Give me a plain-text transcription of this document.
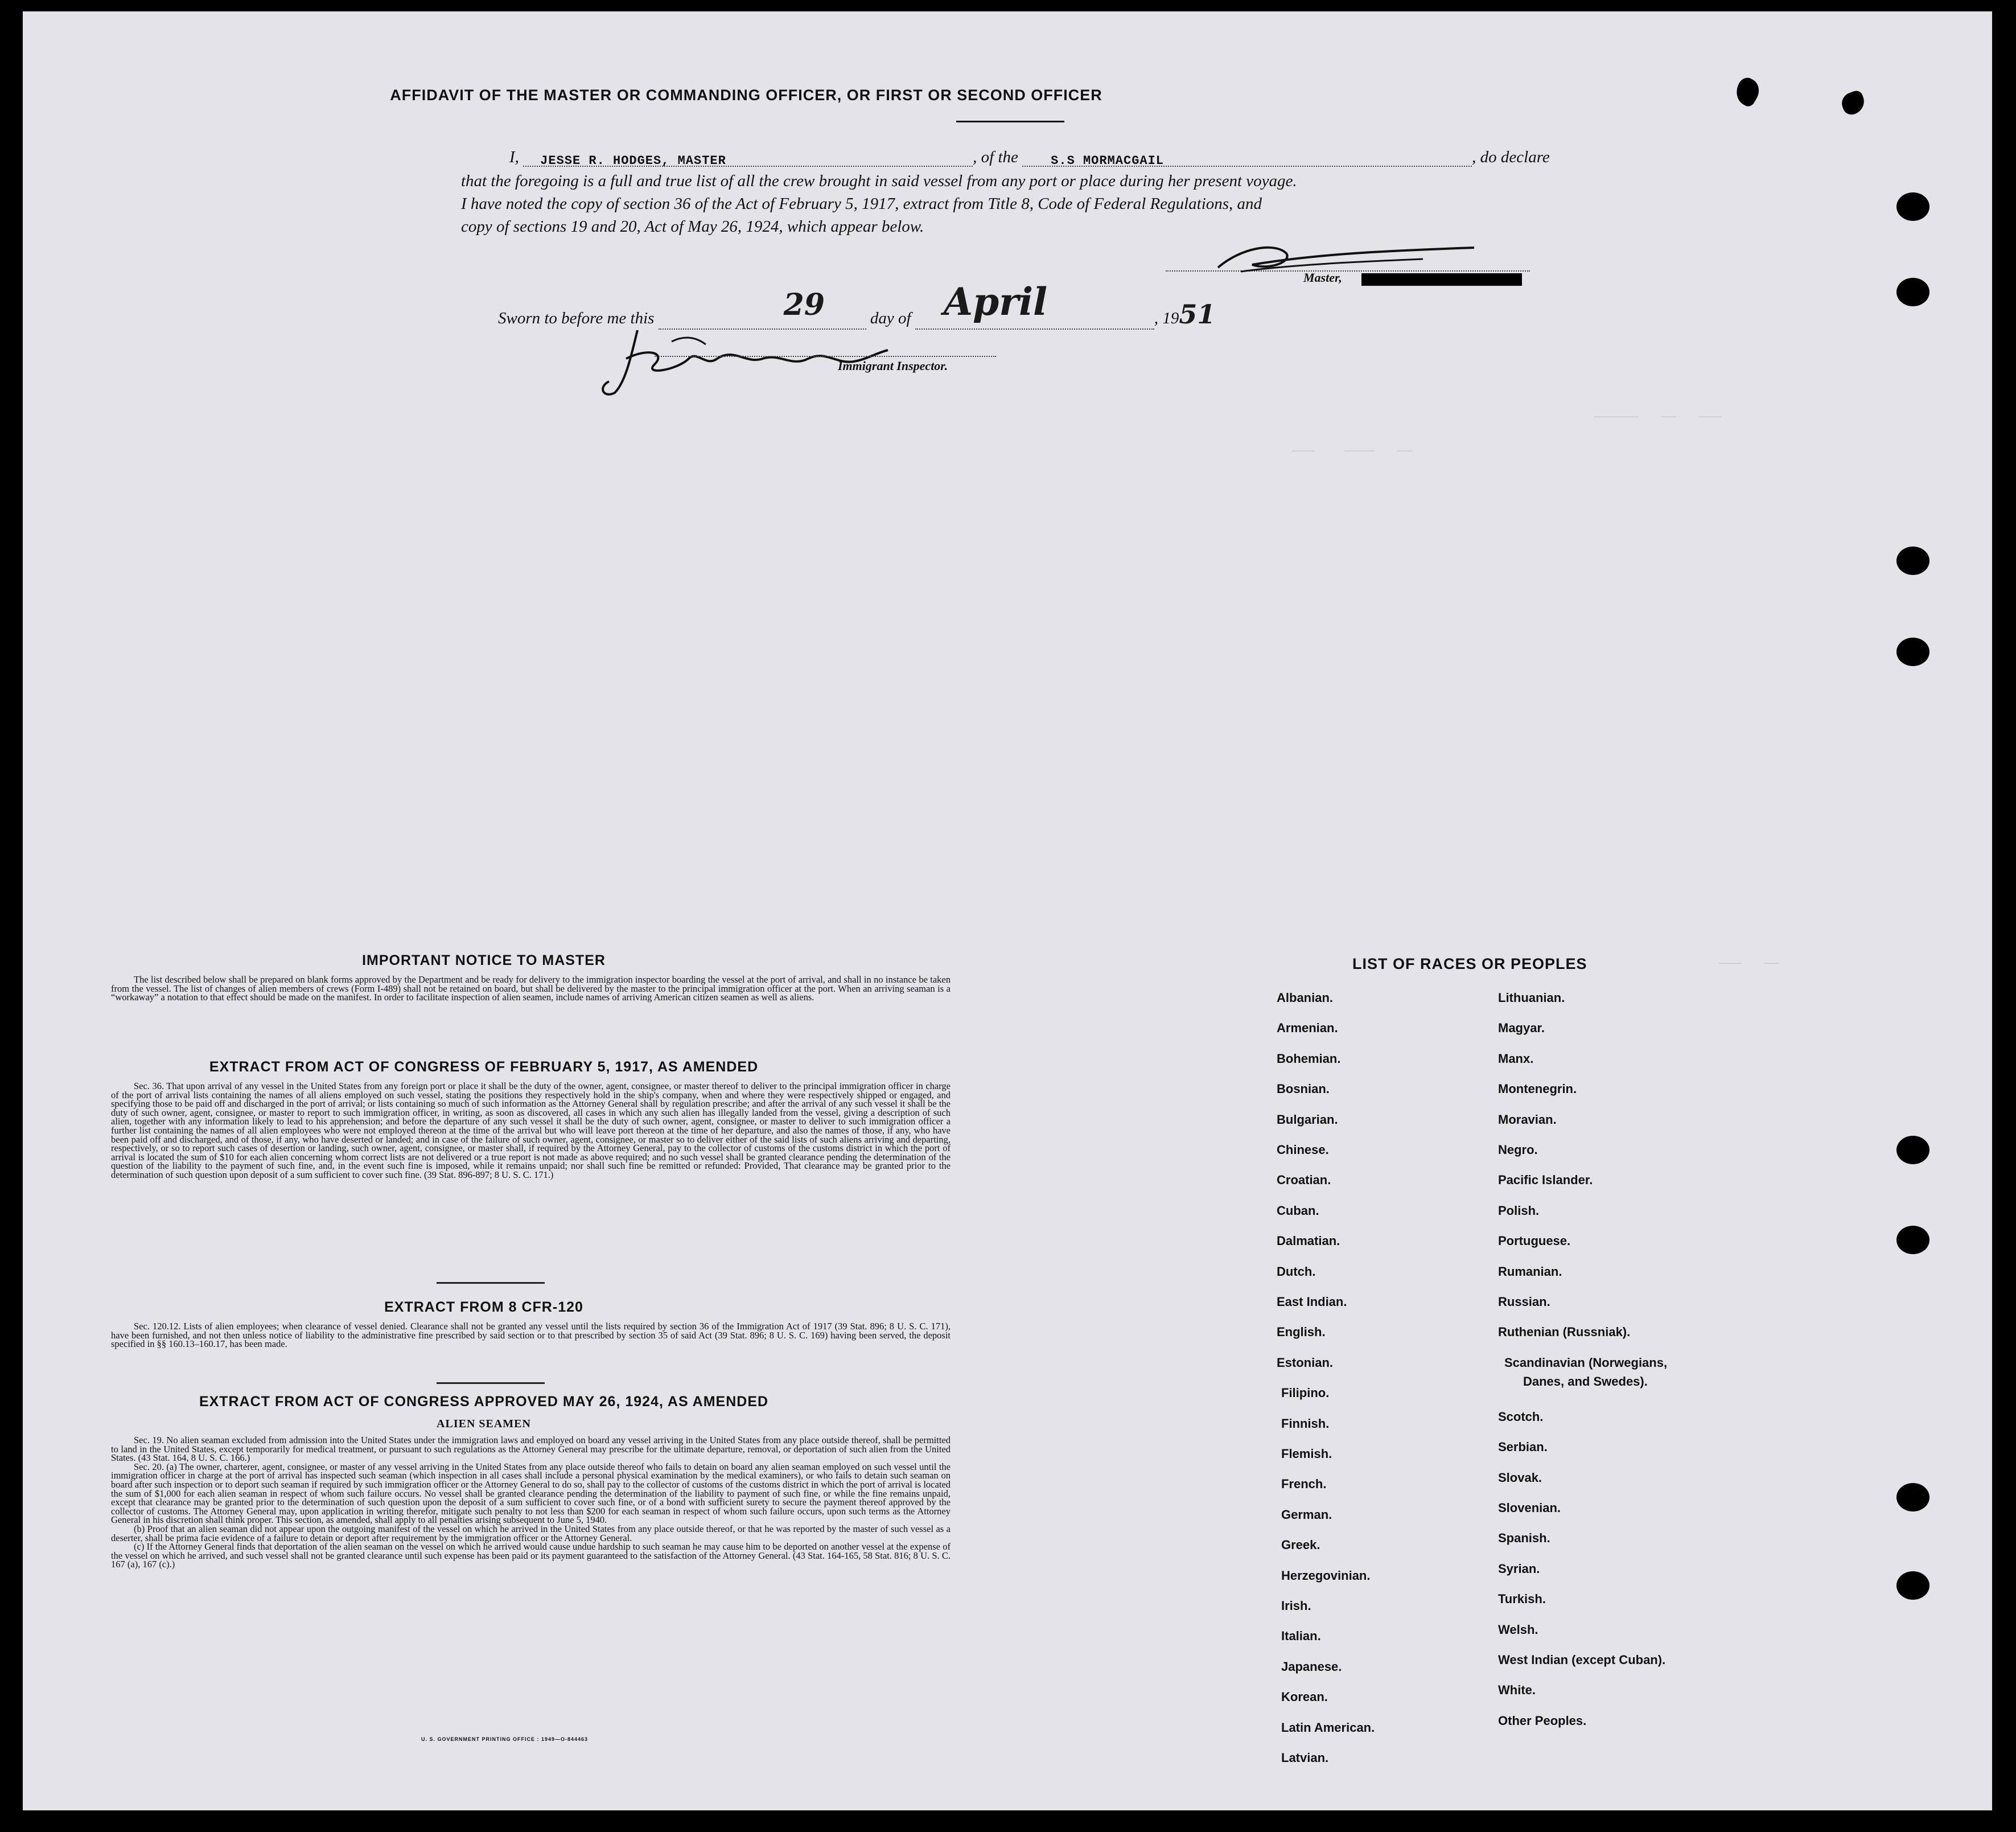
——————   ——   ———
———    ————   ——
———   ——
AFFIDAVIT OF THE MASTER OR COMMANDING OFFICER, OR FIRST OR SECOND OFFICER
I, JESSE R. HODGES, MASTER	, of the	S.S MORMACGAIL	, do declare
that the foregoing is a full and true list of all the crew brought in said vessel from any port or place during her present voyage.
I have noted the copy of section 36 of the Act of February 5, 1917, extract from Title 8, Code of Federal Regulations, and
copy of sections 19 and 20, Act of May 26, 1924, which appear below.
Master,
Sworn to before me this	29	day of April	, 1951
Immigrant Inspector.
IMPORTANT NOTICE TO MASTER

The list described below shall be prepared on blank forms approved by the Department and be ready for delivery to the immigration inspector boarding the vessel at the port of arrival, and shall in no instance be taken from the vessel. The list of changes of alien members of crews (Form I-489) shall not be retained on board, but shall be delivered by the master to the principal immigration officer at the port. When an arriving seaman is a “workaway” a notation to that effect should be made on the manifest. In order to facilitate inspection of alien seamen, include names of arriving American citizen seamen as well as aliens.

EXTRACT FROM ACT OF CONGRESS OF FEBRUARY 5, 1917, AS AMENDED

Sec. 36. That upon arrival of any vessel in the United States from any foreign port or place it shall be the duty of the owner, agent, consignee, or master thereof to deliver to the principal immigration officer in charge of the port of arrival lists containing the names of all aliens employed on such vessel, stating the positions they respectively hold in the ship's company, when and where they were respectively shipped or engaged, and specifying those to be paid off and discharged in the port of arrival; or lists containing so much of such information as the Attorney General shall by regulation prescribe; and after the arrival of any such vessel it shall be the duty of such owner, agent, consignee, or master to report to such immigration officer, in writing, as soon as discovered, all cases in which any such alien has illegally landed from the vessel, giving a description of such alien, together with any information likely to lead to his apprehension; and before the departure of any such vessel it shall be the duty of such owner, agent, consignee, or master to deliver to such immigration officer a further list containing the names of all alien employees who were not employed thereon at the time of the arrival but who will leave port thereon at the time of her departure, and also the names of those, if any, who have been paid off and discharged, and of those, if any, who have deserted or landed; and in case of the failure of such owner, agent, consignee, or master so to deliver either of the said lists of such aliens arriving and departing, respectively, or so to report such cases of desertion or landing, such owner, agent, consignee, or master shall, if required by the Attorney General, pay to the collector of customs of the customs district in which the port of arrival is located the sum of $10 for each alien concerning whom correct lists are not delivered or a true report is not made as above required; and no such vessel shall be granted clearance pending the determination of the question of the liability to the payment of such fine, and, in the event such fine is imposed, while it remains unpaid; nor shall such fine be remitted or refunded: Provided, That clearance may be granted prior to the determination of such question upon deposit of a sum sufficient to cover such fine. (39 Stat. 896-897; 8 U. S. C. 171.)

EXTRACT FROM 8 CFR-120

Sec. 120.12. Lists of alien employees; when clearance of vessel denied. Clearance shall not be granted any vessel until the lists required by section 36 of the Immigration Act of 1917 (39 Stat. 896; 8 U. S. C. 171), have been furnished, and not then unless notice of liability to the administrative fine prescribed by said section or to that prescribed by section 35 of said Act (39 Stat. 896; 8 U. S. C. 169) having been served, the deposit specified in §§ 160.13–160.17, has been made.

EXTRACT FROM ACT OF CONGRESS APPROVED MAY 26, 1924, AS AMENDED
ALIEN SEAMEN

Sec. 19. No alien seaman excluded from admission into the United States under the immigration laws and employed on board any vessel arriving in the United States from any place outside thereof, shall be permitted to land in the United States, except temporarily for medical treatment, or pursuant to such regulations as the Attorney General may prescribe for the ultimate departure, removal, or deportation of such alien from the United States. (43 Stat. 164, 8 U. S. C. 166.)

Sec. 20. (a) The owner, charterer, agent, consignee, or master of any vessel arriving in the United States from any place outside thereof who fails to detain on board any alien seaman employed on such vessel until the immigration officer in charge at the port of arrival has inspected such seaman (which inspection in all cases shall include a personal physical examination by the medical examiners), or who fails to detain such seaman on board after such inspection or to deport such seaman if required by such immigration officer or the Attorney General to do so, shall pay to the collector of customs of the customs district in which the port of arrival is located the sum of $1,000 for each alien seaman in respect of whom such failure occurs. No vessel shall be granted clearance pending the determination of the liability to payment of such fine, or while the fine remains unpaid, except that clearance may be granted prior to the determination of such question upon the deposit of a sum sufficient to cover such fine, or of a bond with sufficient surety to secure the payment thereof approved by the collector of customs. The Attorney General may, upon application in writing therefor, mitigate such penalty to not less than $200 for each seaman in respect of whom such failure occurs, upon such terms as the Attorney General in his discretion shall think proper. This section, as amended, shall apply to all penalties arising subsequent to June 5, 1940.

(b) Proof that an alien seaman did not appear upon the outgoing manifest of the vessel on which he arrived in the United States from any place outside thereof, or that he was reported by the master of such vessel as a deserter, shall be prima facie evidence of a failure to detain or deport after requirement by the immigration officer or the Attorney General.

(c) If the Attorney General finds that deportation of the alien seaman on the vessel on which he arrived would cause undue hardship to such seaman he may cause him to be deported on another vessel at the expense of the vessel on which he arrived, and such vessel shall not be granted clearance until such expense has been paid or its payment guaranteed to the satisfaction of the Attorney General. (43 Stat. 164-165, 58 Stat. 816; 8 U. S. C. 167 (a), 167 (c).)

U. S. GOVERNMENT PRINTING OFFICE : 1949—O-844463
LIST OF RACES OR PEOPLES
Albanian.
Armenian.
Bohemian.
Bosnian.
Bulgarian.
Chinese.
Croatian.
Cuban.
Dalmatian.
Dutch.
East Indian.
English.
Estonian.
Filipino.
Finnish.
Flemish.
French.
German.
Greek.
Herzegovinian.
Irish.
Italian.
Japanese.
Korean.
Latin American.
Latvian.
Lithuanian.
Magyar.
Manx.
Montenegrin.
Moravian.
Negro.
Pacific Islander.
Polish.
Portuguese.
Rumanian.
Russian.
Ruthenian (Russniak).
Scandinavian (Norwegians,
Danes, and Swedes).
Scotch.
Serbian.
Slovak.
Slovenian.
Spanish.
Syrian.
Turkish.
Welsh.
West Indian (except Cuban).
White.
Other Peoples.
